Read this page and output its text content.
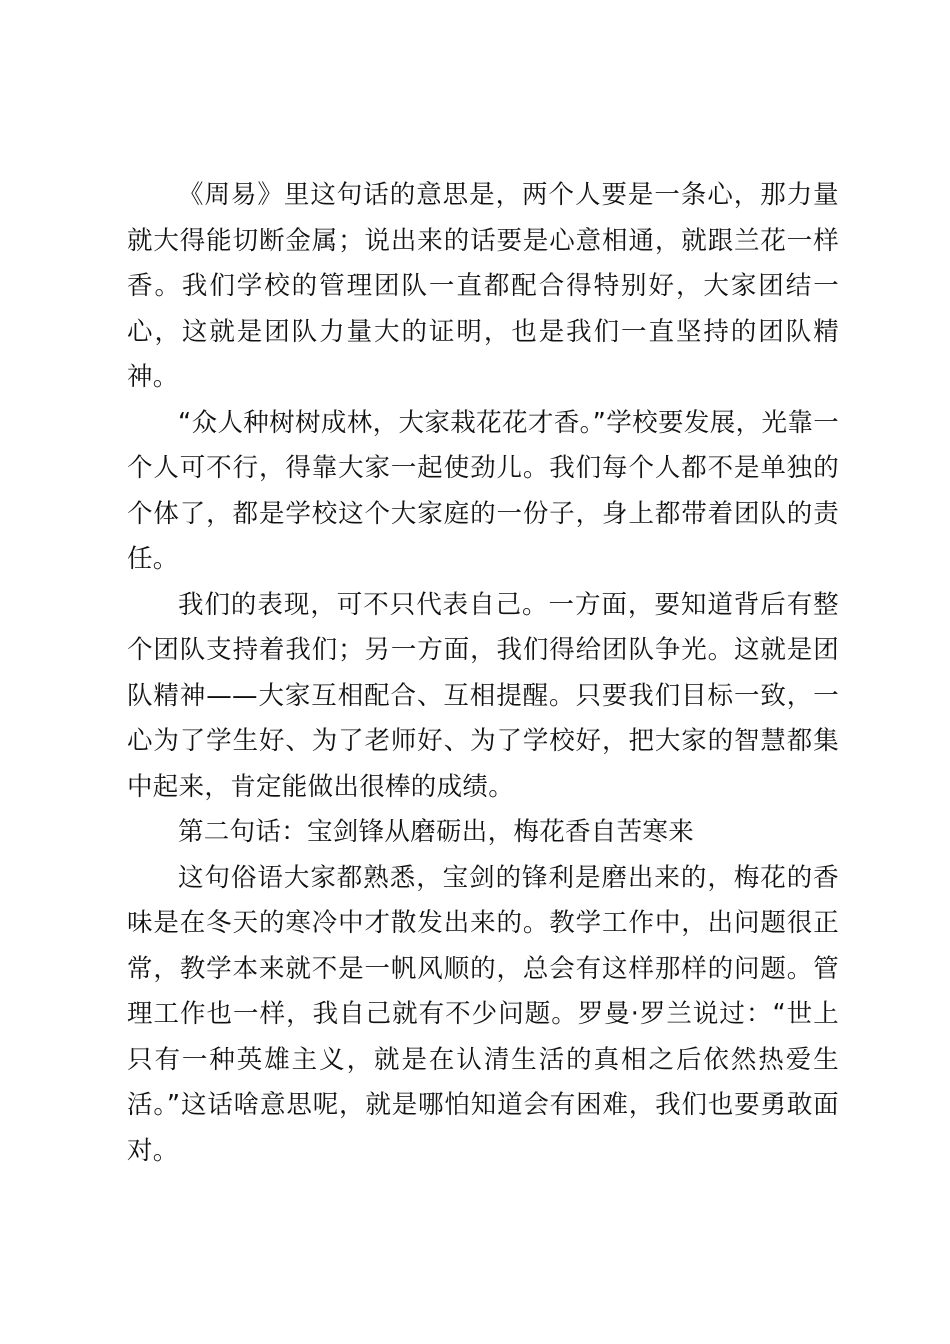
《周易》里这句话的意思是，两个人要是一条心，那力量就大得能切断金属；说出来的话要是心意相通，就跟兰花一样香。我们学校的管理团队一直都配合得特别好，大家团结一心，这就是团队力量大的证明，也是我们一直坚持的团队精神。

“众人种树树成林，大家栽花花才香。”学校要发展，光靠一个人可不行，得靠大家一起使劲儿。我们每个人都不是单独的个体了，都是学校这个大家庭的一份子，身上都带着团队的责任。

我们的表现，可不只代表自己。一方面，要知道背后有整个团队支持着我们；另一方面，我们得给团队争光。这就是团队精神——大家互相配合、互相提醒。只要我们目标一致，一心为了学生好、为了老师好、为了学校好，把大家的智慧都集中起来，肯定能做出很棒的成绩。

第二句话：宝剑锋从磨砺出，梅花香自苦寒来

这句俗语大家都熟悉，宝剑的锋利是磨出来的，梅花的香味是在冬天的寒冷中才散发出来的。教学工作中，出问题很正常，教学本来就不是一帆风顺的，总会有这样那样的问题。管理工作也一样，我自己就有不少问题。罗曼·罗兰说过：“世上只有一种英雄主义，就是在认清生活的真相之后依然热爱生活。”这话啥意思呢，就是哪怕知道会有困难，我们也要勇敢面对。
